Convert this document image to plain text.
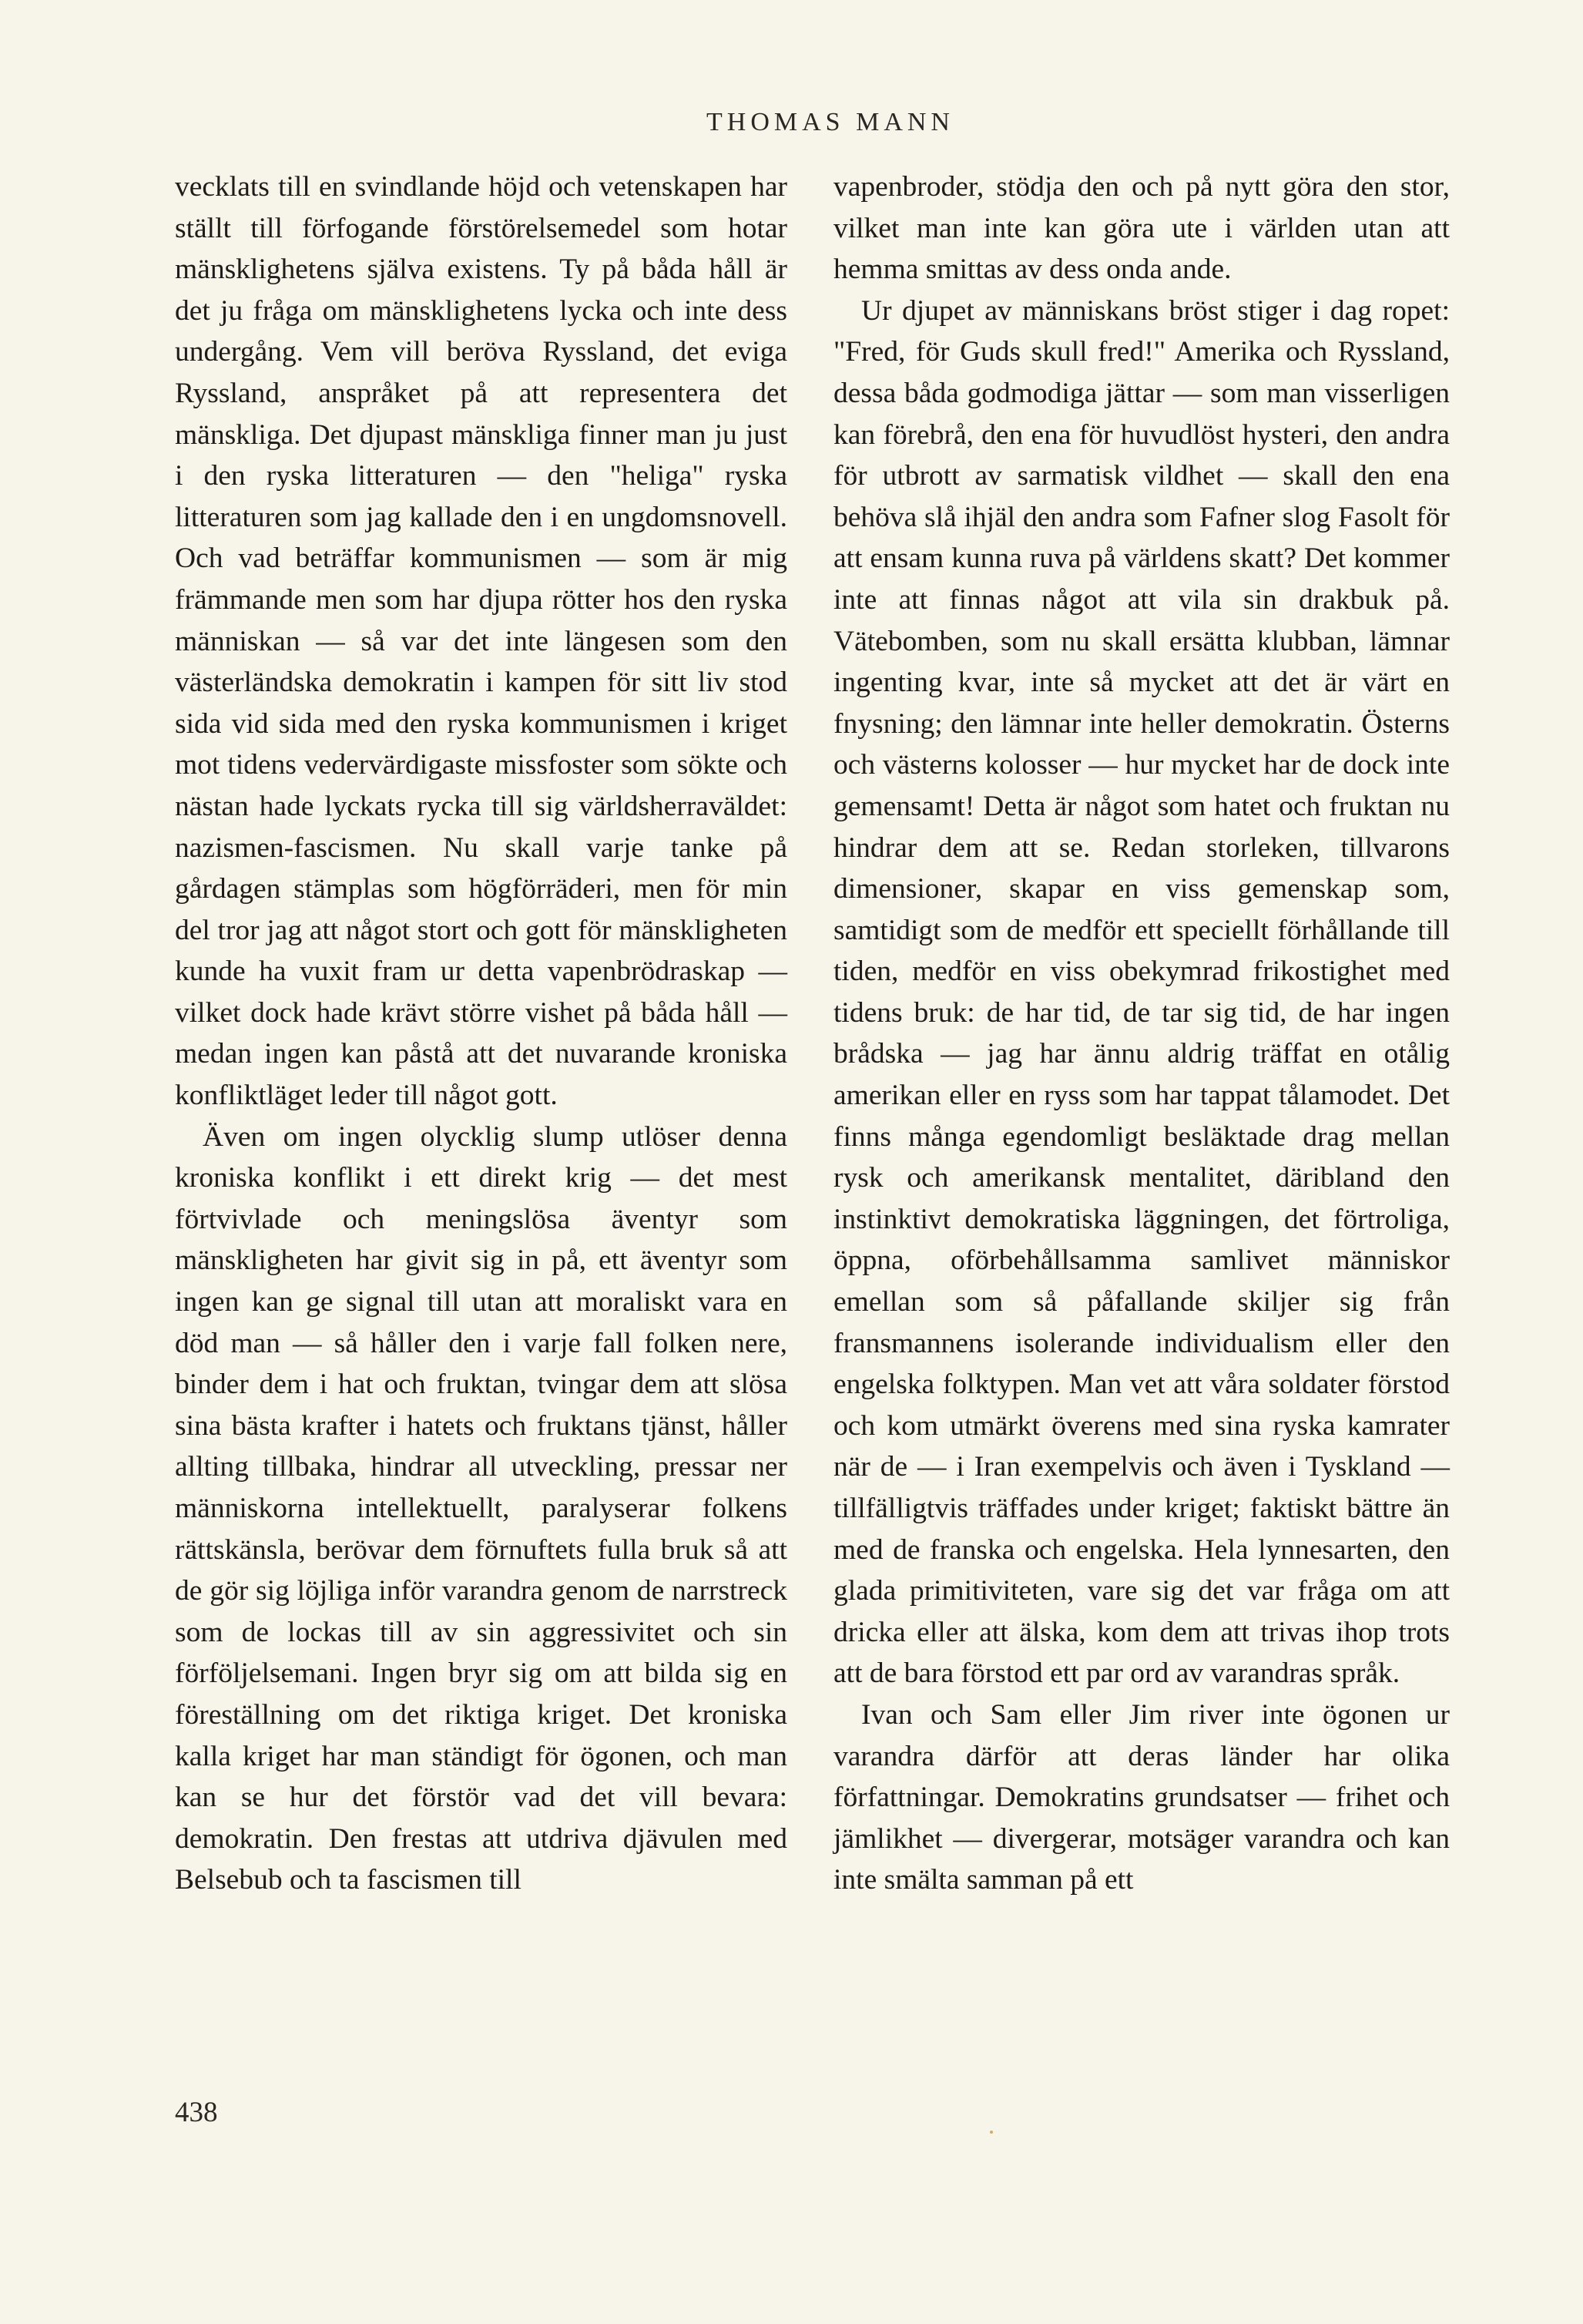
THOMAS MANN

vecklats till en svindlande höjd och vetenskapen har ställt till förfogande förstörelsemedel som hotar mänsklighetens själva existens. Ty på båda håll är det ju fråga om mänsklighetens lycka och inte dess undergång. Vem vill beröva Ryssland, det eviga Ryssland, anspråket på att representera det mänskliga. Det djupast mänskliga finner man ju just i den ryska litteraturen — den "heliga" ryska litteraturen som jag kallade den i en ungdomsnovell. Och vad beträffar kommunismen — som är mig främmande men som har djupa rötter hos den ryska människan — så var det inte längesen som den västerländska demokratin i kampen för sitt liv stod sida vid sida med den ryska kommunismen i kriget mot tidens vedervärdigaste missfoster som sökte och nästan hade lyckats rycka till sig världsherraväldet: nazismen-fascismen. Nu skall varje tanke på gårdagen stämplas som högförräderi, men för min del tror jag att något stort och gott för mänskligheten kunde ha vuxit fram ur detta vapenbrödraskap — vilket dock hade krävt större vishet på båda håll — medan ingen kan påstå att det nuvarande kroniska konfliktläget leder till något gott.

Även om ingen olycklig slump utlöser denna kroniska konflikt i ett direkt krig — det mest förtvivlade och meningslösa äventyr som mänskligheten har givit sig in på, ett äventyr som ingen kan ge signal till utan att moraliskt vara en död man — så håller den i varje fall folken nere, binder dem i hat och fruktan, tvingar dem att slösa sina bästa krafter i hatets och fruktans tjänst, håller allting tillbaka, hindrar all utveckling, pressar ner människorna intellektuellt, paralyserar folkens rättskänsla, berövar dem förnuftets fulla bruk så att de gör sig löjliga inför varandra genom de narrstreck som de lockas till av sin aggressivitet och sin förföljelsemani. Ingen bryr sig om att bilda sig en föreställning om det riktiga kriget. Det kroniska kalla kriget har man ständigt för ögonen, och man kan se hur det förstör vad det vill bevara: demokratin. Den frestas att utdriva djävulen med Belsebub och ta fascismen till

vapenbroder, stödja den och på nytt göra den stor, vilket man inte kan göra ute i världen utan att hemma smittas av dess onda ande.

Ur djupet av människans bröst stiger i dag ropet: "Fred, för Guds skull fred!" Amerika och Ryssland, dessa båda godmodiga jättar — som man visserligen kan förebrå, den ena för huvudlöst hysteri, den andra för utbrott av sarmatisk vildhet — skall den ena behöva slå ihjäl den andra som Fafner slog Fasolt för att ensam kunna ruva på världens skatt? Det kommer inte att finnas något att vila sin drakbuk på. Vätebomben, som nu skall ersätta klubban, lämnar ingenting kvar, inte så mycket att det är värt en fnysning; den lämnar inte heller demokratin. Österns och västerns kolosser — hur mycket har de dock inte gemensamt! Detta är något som hatet och fruktan nu hindrar dem att se. Redan storleken, tillvarons dimensioner, skapar en viss gemenskap som, samtidigt som de medför ett speciellt förhållande till tiden, medför en viss obekymrad frikostighet med tidens bruk: de har tid, de tar sig tid, de har ingen brådska — jag har ännu aldrig träffat en otålig amerikan eller en ryss som har tappat tålamodet. Det finns många egendomligt besläktade drag mellan rysk och amerikansk mentalitet, däribland den instinktivt demokratiska läggningen, det förtroliga, öppna, oförbehållsamma samlivet människor emellan som så påfallande skiljer sig från fransmannens isolerande individualism eller den engelska folktypen. Man vet att våra soldater förstod och kom utmärkt överens med sina ryska kamrater när de — i Iran exempelvis och även i Tyskland — tillfälligtvis träffades under kriget; faktiskt bättre än med de franska och engelska. Hela lynnesarten, den glada primitiviteten, vare sig det var fråga om att dricka eller att älska, kom dem att trivas ihop trots att de bara förstod ett par ord av varandras språk.

Ivan och Sam eller Jim river inte ögonen ur varandra därför att deras länder har olika författningar. Demokratins grundsatser — frihet och jämlikhet — divergerar, motsäger varandra och kan inte smälta samman på ett

438
